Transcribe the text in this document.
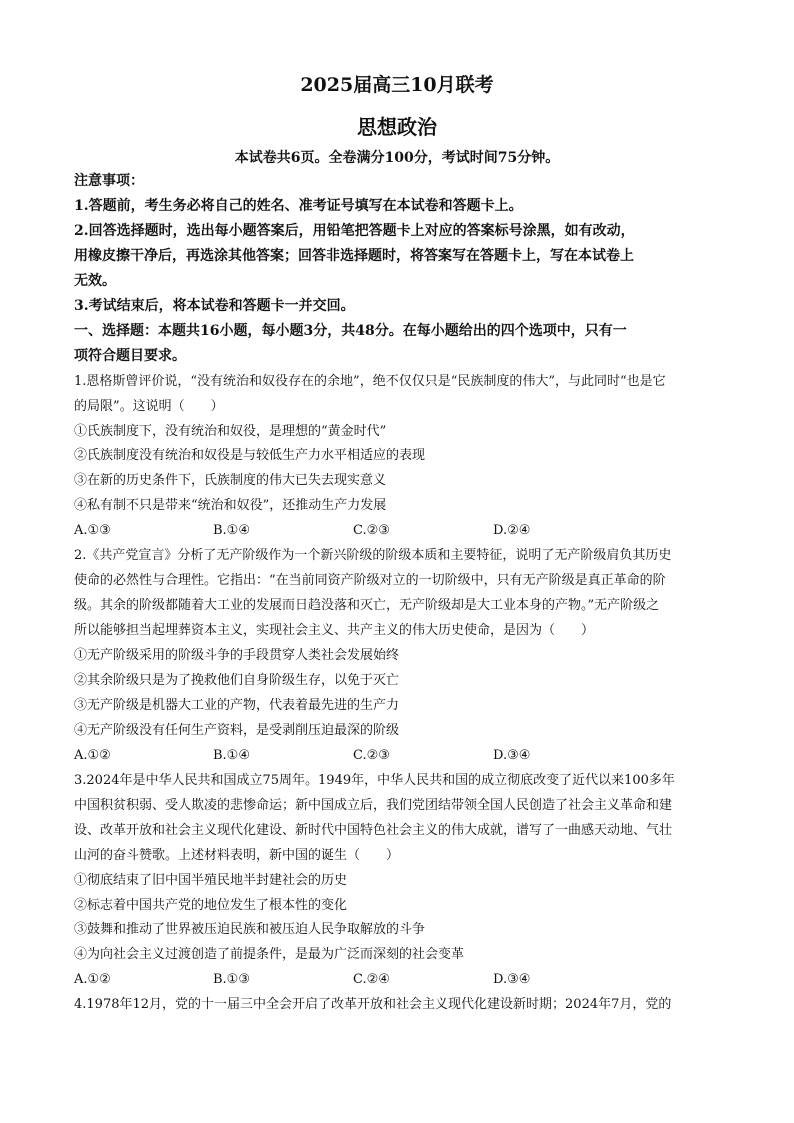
2025届高三10月联考
思想政治
本试卷共6页。全卷满分100分，考试时间75分钟。
注意事项：
1.答题前，考生务必将自己的姓名、准考证号填写在本试卷和答题卡上。
2.回答选择题时，选出每小题答案后，用铅笔把答题卡上对应的答案标号涂黑，如有改动，
用橡皮擦干净后，再选涂其他答案；回答非选择题时，将答案写在答题卡上，写在本试卷上
无效。
3.考试结束后，将本试卷和答题卡一并交回。
一、选择题：本题共16小题，每小题3分，共48分。在每小题给出的四个选项中，只有一
项符合题目要求。
1.恩格斯曾评价说，“没有统治和奴役存在的余地”，绝不仅仅只是“民族制度的伟大”，与此同时“也是它
的局限”。这说明（　　）
①氏族制度下，没有统治和奴役，是理想的“黄金时代”
②氏族制度没有统治和奴役是与较低生产力水平相适应的表现
③在新的历史条件下，氏族制度的伟大已失去现实意义
④私有制不只是带来“统治和奴役”，还推动生产力发展
A.①③	B.①④	C.②③	D.②④
2.《共产党宣言》分析了无产阶级作为一个新兴阶级的阶级本质和主要特征，说明了无产阶级肩负其历史
使命的必然性与合理性。它指出：“在当前同资产阶级对立的一切阶级中，只有无产阶级是真正革命的阶
级。其余的阶级都随着大工业的发展而日趋没落和灭亡，无产阶级却是大工业本身的产物。”无产阶级之
所以能够担当起埋葬资本主义，实现社会主义、共产主义的伟大历史使命，是因为（　　）
①无产阶级采用的阶级斗争的手段贯穿人类社会发展始终
②其余阶级只是为了挽救他们自身阶级生存，以免于灭亡
③无产阶级是机器大工业的产物，代表着最先进的生产力
④无产阶级没有任何生产资料，是受剥削压迫最深的阶级
A.①②	B.①④	C.②③	D.③④
3.2024年是中华人民共和国成立75周年。1949年，中华人民共和国的成立彻底改变了近代以来100多年
中国积贫积弱、受人欺凌的悲惨命运；新中国成立后，我们党团结带领全国人民创造了社会主义革命和建
设、改革开放和社会主义现代化建设、新时代中国特色社会主义的伟大成就，谱写了一曲感天动地、气壮
山河的奋斗赞歌。上述材料表明，新中国的诞生（　　）
①彻底结束了旧中国半殖民地半封建社会的历史
②标志着中国共产党的地位发生了根本性的变化
③鼓舞和推动了世界被压迫民族和被压迫人民争取解放的斗争
④为向社会主义过渡创造了前提条件，是最为广泛而深刻的社会变革
A.①②	B.①③	C.②④	D.③④
4.1978年12月，党的十一届三中全会开启了改革开放和社会主义现代化建设新时期；2024年7月，党的
